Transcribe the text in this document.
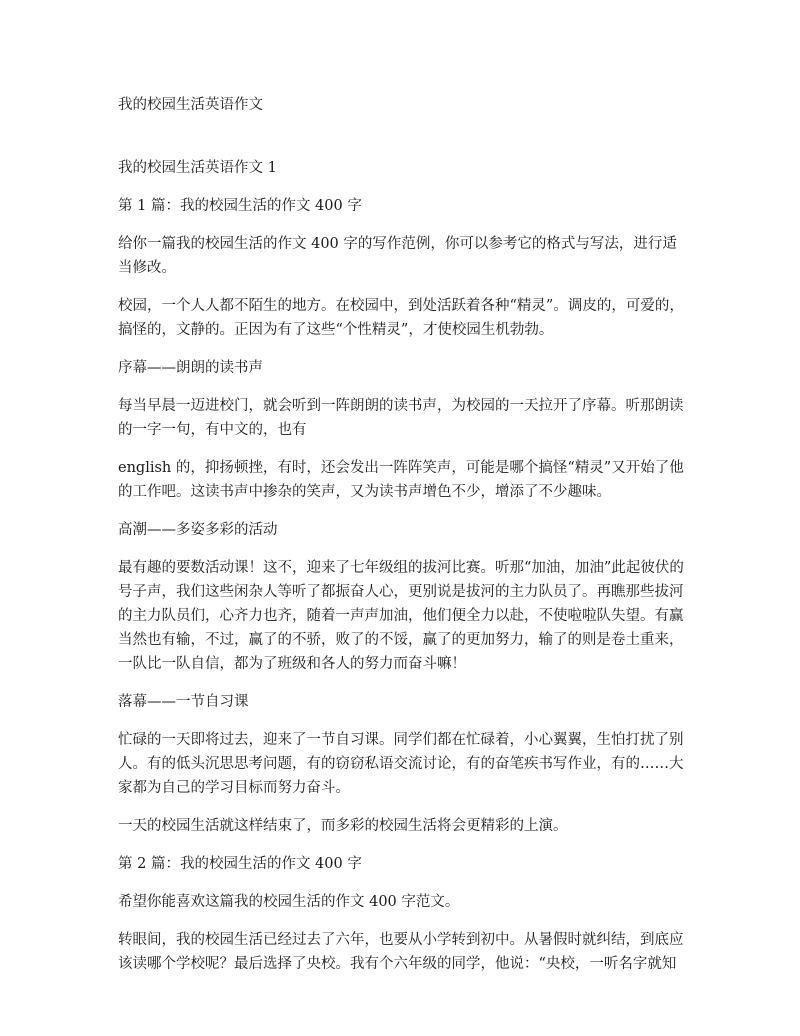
我的校园生活英语作文

我的校园生活英语作文 1

第 1 篇：我的校园生活的作文 400 字

给你一篇我的校园生活的作文 400 字的写作范例，你可以参考它的格式与写法，进行适当修改。

校园，一个人人都不陌生的地方。在校园中，到处活跃着各种“精灵”。调皮的，可爱的，搞怪的，文静的。正因为有了这些“个性精灵”，才使校园生机勃勃。

序幕——朗朗的读书声

每当早晨一迈进校门，就会听到一阵朗朗的读书声，为校园的一天拉开了序幕。听那朗读的一字一句，有中文的，也有

english 的，抑扬顿挫，有时，还会发出一阵阵笑声，可能是哪个搞怪“精灵”又开始了他的工作吧。这读书声中掺杂的笑声，又为读书声增色不少，增添了不少趣味。

高潮——多姿多彩的活动

最有趣的要数活动课！这不，迎来了七年级组的拔河比赛。听那“加油，加油”此起彼伏的号子声，我们这些闲杂人等听了都振奋人心，更别说是拔河的主力队员了。再瞧那些拔河的主力队员们，心齐力也齐，随着一声声加油，他们便全力以赴，不使啦啦队失望。有赢当然也有输，不过，赢了的不骄，败了的不馁，赢了的更加努力，输了的则是卷土重来，一队比一队自信，都为了班级和各人的努力而奋斗嘛！

落幕——一节自习课

忙碌的一天即将过去，迎来了一节自习课。同学们都在忙碌着，小心翼翼，生怕打扰了别人。有的低头沉思思考问题，有的窃窃私语交流讨论，有的奋笔疾书写作业，有的……大家都为自己的学习目标而努力奋斗。

一天的校园生活就这样结束了，而多彩的校园生活将会更精彩的上演。

第 2 篇：我的校园生活的作文 400 字

希望你能喜欢这篇我的校园生活的作文 400 字范文。

转眼间，我的校园生活已经过去了六年，也要从小学转到初中。从暑假时就纠结，到底应该读哪个学校呢？最后选择了央校。我有个六年级的同学，他说：“央校，一听名字就知
